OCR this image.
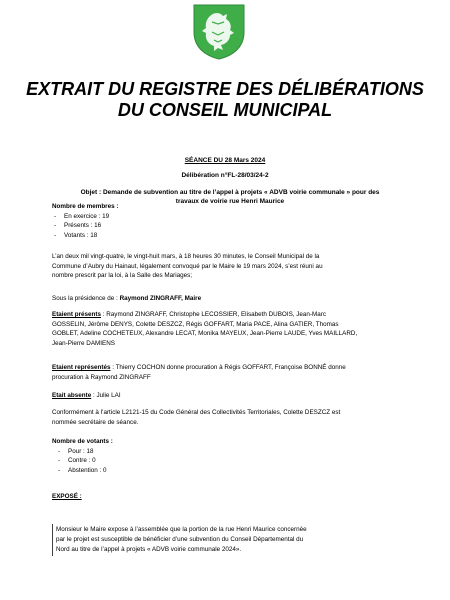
EXTRAIT DU REGISTRE DES DÉLIBÉRATIONS
DU CONSEIL MUNICIPAL
SÉANCE DU 28 Mars 2024
Délibération n°FL-28/03/24-2
Objet : Demande de subvention au titre de l’appel à projets « ADVB voirie communale » pour des
travaux de voirie rue Henri Maurice
Nombre de membres :
- En exercice : 19
- Présents : 16
- Votants : 18
L’an deux mil vingt-quatre, le vingt-huit mars, à 18 heures 30 minutes, le Conseil Municipal de la
Commune d’Aubry du Hainaut, légalement convoqué par le Maire le 19 mars 2024, s’est réuni au
nombre prescrit par la loi, à la Salle des Mariages;
Sous la présidence de : Raymond ZINGRAFF, Maire
Etaient présents : Raymond ZINGRAFF, Christophe LECOSSIER, Elisabeth DUBOIS, Jean-Marc
GOSSELIN, Jérôme DENYS, Colette DESZCZ, Régis GOFFART, Maria PACE, Alina GATIER, Thomas
GOBLET, Adeline COCHETEUX, Alexandre LECAT, Monika MAYEUX, Jean-Pierre LAUDE, Yves MAILLARD,
Jean-Pierre DAMIENS
Etaient représentés : Thierry COCHON donne procuration à Régis GOFFART, Françoise BONNÉ donne
procuration à Raymond ZINGRAFF
Etait absente : Julie LAI
Conformément à l’article L2121-15 du Code Général des Collectivités Territoriales, Colette DESZCZ est
nommée secrétaire de séance.
Nombre de votants :
- Pour : 18
- Contre : 0
- Abstention : 0
EXPOSÉ :
Monsieur le Maire expose à l’assemblée que la portion de la rue Henri Maurice concernée
par le projet est susceptible de bénéficier d’une subvention du Conseil Départemental du
Nord au titre de l’appel à projets « ADVB voirie communale 2024».
